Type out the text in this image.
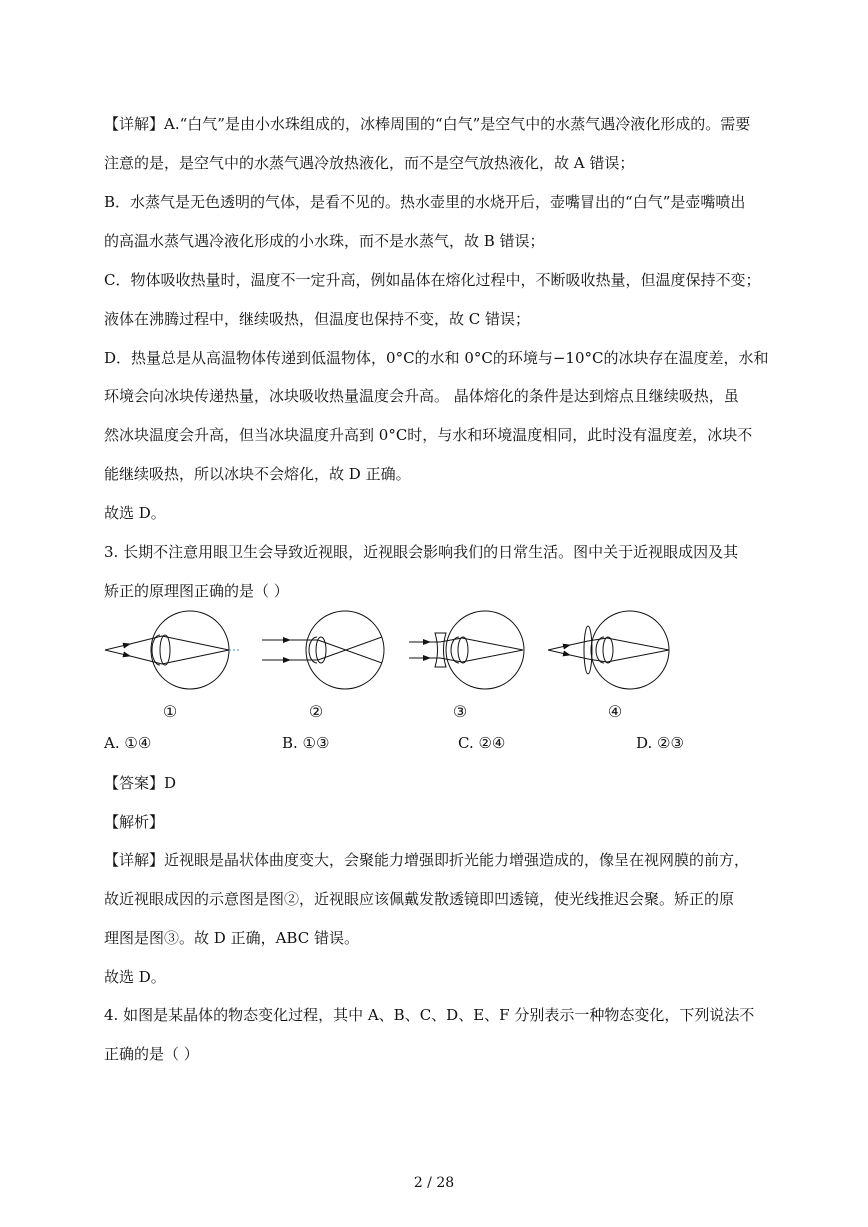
【详解】A.“白气”是由小水珠组成的，冰棒周围的“白气”是空气中的水蒸气遇冷液化形成的。需要
注意的是，是空气中的水蒸气遇冷放热液化，而不是空气放热液化，故 A 错误；
B．水蒸气是无色透明的气体，是看不见的。热水壶里的水烧开后，壶嘴冒出的“白气”是壶嘴喷出
的高温水蒸气遇冷液化形成的小水珠，而不是水蒸气，故 B 错误；
C．物体吸收热量时，温度不一定升高，例如晶体在熔化过程中，不断吸收热量，但温度保持不变；
液体在沸腾过程中，继续吸热，但温度也保持不变，故 C 错误；
D．热量总是从高温物体传递到低温物体，0°C的水和 0°C的环境与−10°C的冰块存在温度差，水和
环境会向冰块传递热量，冰块吸收热量温度会升高。 晶体熔化的条件是达到熔点且继续吸热，虽
然冰块温度会升高，但当冰块温度升高到 0°C时，与水和环境温度相同，此时没有温度差，冰块不
能继续吸热，所以冰块不会熔化，故 D 正确。
故选 D。
3. 长期不注意用眼卫生会导致近视眼，近视眼会影响我们的日常生活。图中关于近视眼成因及其
矫正的原理图正确的是（ ）
①	②	③	④
A. ①④	B. ①③	C. ②④	D. ②③
【答案】D
【解析】
【详解】近视眼是晶状体曲度变大，会聚能力增强即折光能力增强造成的，像呈在视网膜的前方，
故近视眼成因的示意图是图②，近视眼应该佩戴发散透镜即凹透镜，使光线推迟会聚。矫正的原
理图是图③。故 D 正确，ABC 错误。
故选 D。
4. 如图是某晶体的物态变化过程，其中 A、B、C、D、E、F 分别表示一种物态变化，下列说法不
正确的是（ ）
2 / 28
